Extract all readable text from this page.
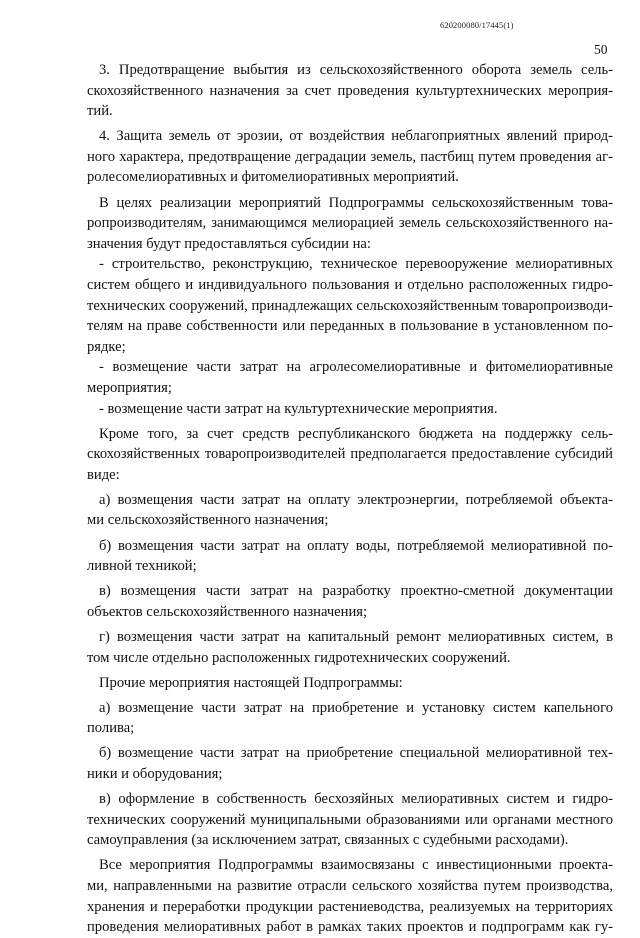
620200080/17445(1)
50
3. Предотвращение выбытия из сельскохозяйственного оборота земель сель-
скохозяйственного назначения за счет проведения культуртехнических мероприя-
тий.
4. Защита земель от эрозии, от воздействия неблагоприятных явлений природ-
ного характера, предотвращение деградации земель, пастбищ путем проведения аг-
ролесомелиоративных и фитомелиоративных мероприятий.
В целях реализации мероприятий Подпрограммы сельскохозяйственным това-
ропроизводителям, занимающимся мелиорацией земель сельскохозяйственного на-
значения будут предоставляться субсидии на:
- строительство, реконструкцию, техническое перевооружение мелиоративных
систем общего и индивидуального пользования и отдельно расположенных гидро-
технических сооружений, принадлежащих сельскохозяйственным товаропроизводи-
телям на праве собственности или переданных в пользование в установленном по-
рядке;
- возмещение части затрат на агролесомелиоративные и фитомелиоративные
мероприятия;
- возмещение части затрат на культуртехнические мероприятия.
Кроме того, за счет средств республиканского бюджета на поддержку сель-
скохозяйственных товаропроизводителей предполагается предоставление субсидий
виде:
а) возмещения части затрат на оплату электроэнергии, потребляемой объекта-
ми сельскохозяйственного назначения;
б) возмещения части затрат на оплату воды, потребляемой мелиоративной по-
ливной техникой;
в) возмещения части затрат на разработку проектно-сметной документации
объектов сельскохозяйственного назначения;
г) возмещения части затрат на капитальный ремонт мелиоративных систем, в
том числе отдельно расположенных гидротехнических сооружений.
Прочие мероприятия настоящей Подпрограммы:
а) возмещение части затрат на приобретение и установку систем капельного
полива;
б) возмещение части затрат на приобретение специальной мелиоративной тех-
ники и оборудования;
в) оформление в собственность бесхозяйных мелиоративных систем и гидро-
технических сооружений муниципальными образованиями или органами местного
самоуправления (за исключением затрат, связанных с судебными расходами).
Все мероприятия Подпрограммы взаимосвязаны с инвестиционными проекта-
ми, направленными на развитие отрасли сельского хозяйства путем производства,
хранения и переработки продукции растениеводства, реализуемых на территориях
проведения мелиоративных работ в рамках таких проектов и подпрограмм как гу-
